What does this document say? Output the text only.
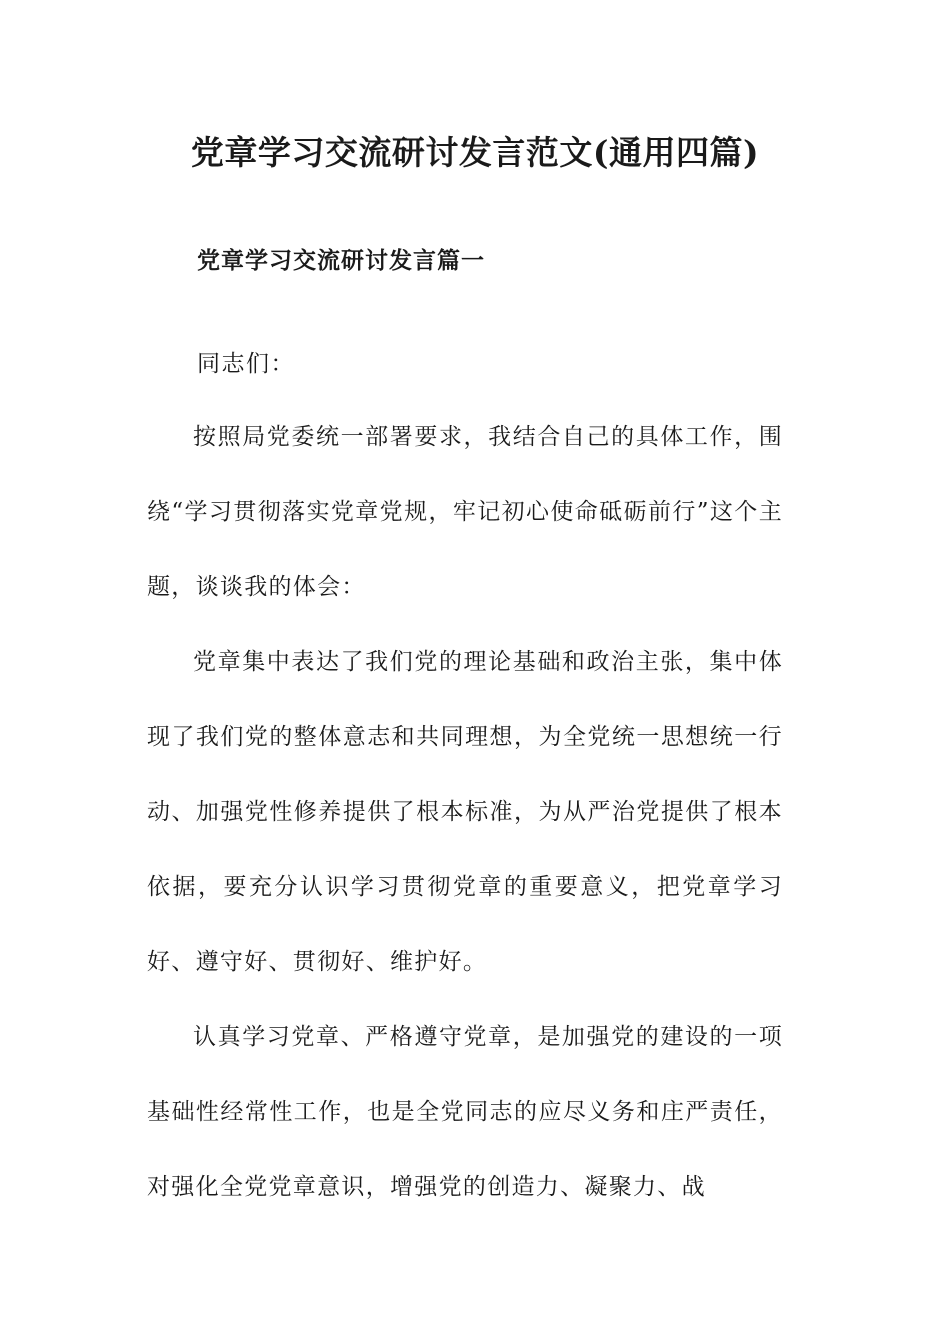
党章学习交流研讨发言范文(通用四篇)
党章学习交流研讨发言篇一
同志们：

按照局党委统一部署要求，我结合自己的具体工作，围绕“学习贯彻落实党章党规，牢记初心使命砥砺前行”这个主题，谈谈我的体会：

党章集中表达了我们党的理论基础和政治主张，集中体现了我们党的整体意志和共同理想，为全党统一思想统一行动、加强党性修养提供了根本标准，为从严治党提供了根本依据，要充分认识学习贯彻党章的重要意义，把党章学习好、遵守好、贯彻好、维护好。

认真学习党章、严格遵守党章，是加强党的建设的一项基础性经常性工作，也是全党同志的应尽义务和庄严责任，对强化全党党章意识，增强党的创造力、凝聚力、战
